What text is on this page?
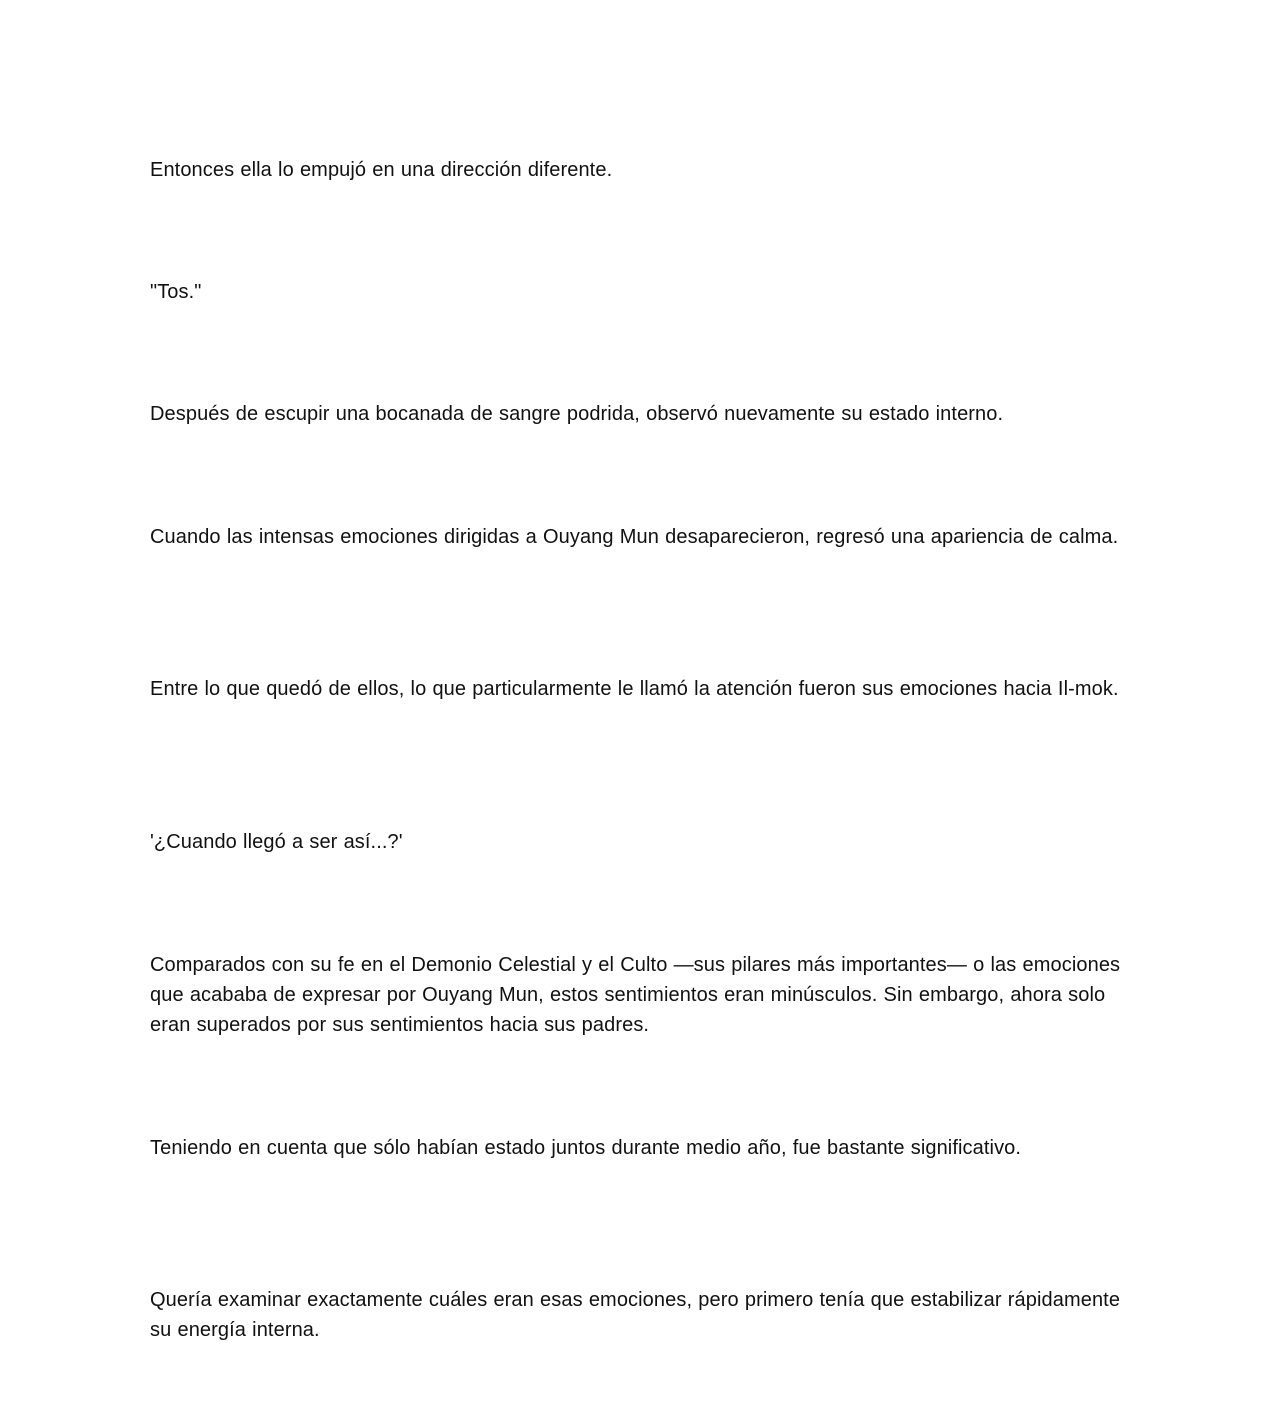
Entonces ella lo empujó en una dirección diferente.

"Tos."

Después de escupir una bocanada de sangre podrida, observó nuevamente su estado interno.

Cuando las intensas emociones dirigidas a Ouyang Mun desaparecieron, regresó una apariencia de calma.

Entre lo que quedó de ellos, lo que particularmente le llamó la atención fueron sus emociones hacia Il-mok.

'¿Cuando llegó a ser así...?'

Comparados con su fe en el Demonio Celestial y el Culto —sus pilares más importantes— o las emociones que acababa de expresar por Ouyang Mun, estos sentimientos eran minúsculos. Sin embargo, ahora solo eran superados por sus sentimientos hacia sus padres.

Teniendo en cuenta que sólo habían estado juntos durante medio año, fue bastante significativo.

Quería examinar exactamente cuáles eran esas emociones, pero primero tenía que estabilizar rápidamente su energía interna.
